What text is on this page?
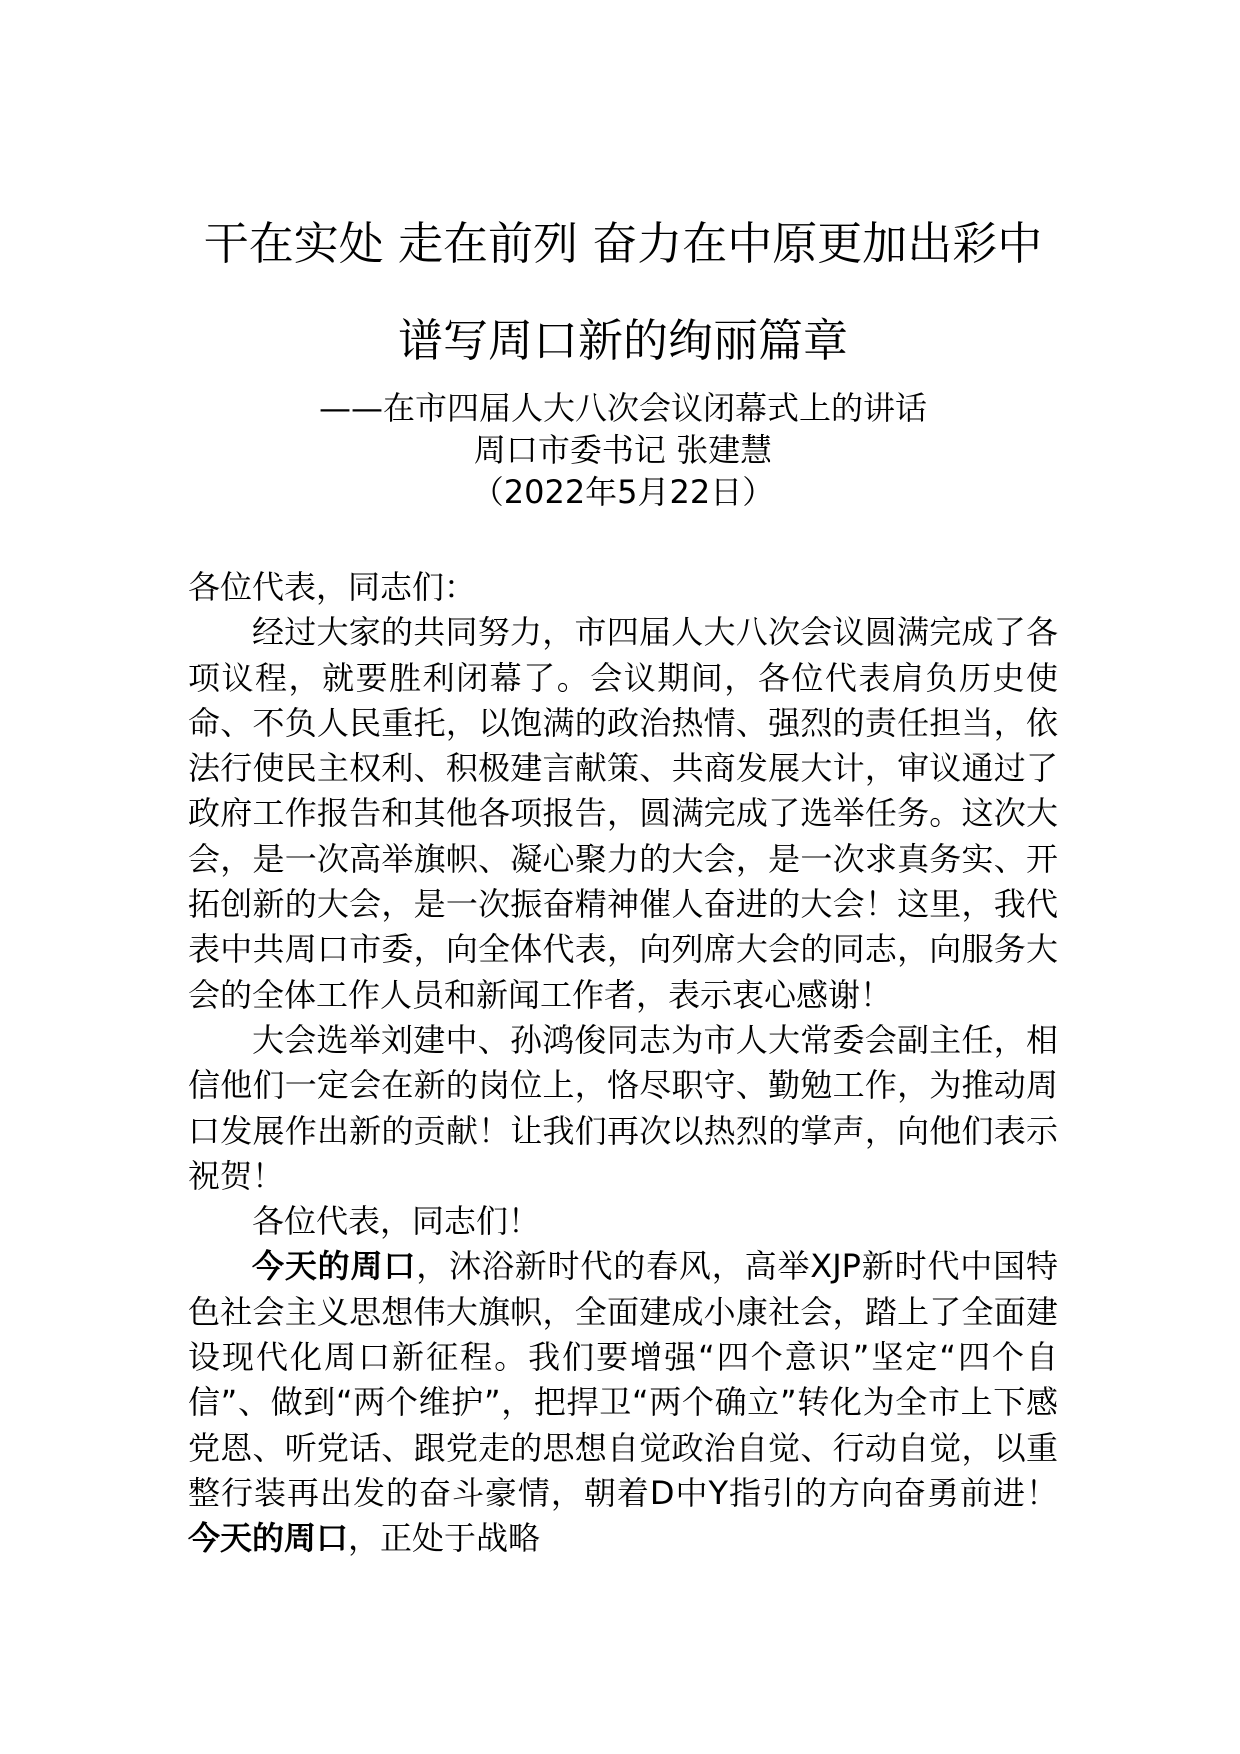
干在实处 走在前列 奋力在中原更加出彩中
谱写周口新的绚丽篇章

——在市四届人大八次会议闭幕式上的讲话

周口市委书记 张建慧

（2022年5月22日）

各位代表，同志们：

经过大家的共同努力，市四届人大八次会议圆满完成了各项议程，就要胜利闭幕了。会议期间，各位代表肩负历史使命、不负人民重托，以饱满的政治热情、强烈的责任担当，依法行使民主权利、积极建言献策、共商发展大计，审议通过了政府工作报告和其他各项报告，圆满完成了选举任务。这次大会，是一次高举旗帜、凝心聚力的大会，是一次求真务实、开拓创新的大会，是一次振奋精神催人奋进的大会！这里，我代表中共周口市委，向全体代表，向列席大会的同志，向服务大会的全体工作人员和新闻工作者，表示衷心感谢！

大会选举刘建中、孙鸿俊同志为市人大常委会副主任，相信他们一定会在新的岗位上，恪尽职守、勤勉工作，为推动周口发展作出新的贡献！让我们再次以热烈的掌声，向他们表示祝贺！

各位代表，同志们！

今天的周口，沐浴新时代的春风，高举XJP新时代中国特色社会主义思想伟大旗帜，全面建成小康社会，踏上了全面建设现代化周口新征程。我们要增强“四个意识”坚定“四个自信”、做到“两个维护”，把捍卫“两个确立”转化为全市上下感党恩、听党话、跟党走的思想自觉政治自觉、行动自觉，以重整行装再出发的奋斗豪情，朝着D中Y指引的方向奋勇前进！今天的周口，正处于战略
